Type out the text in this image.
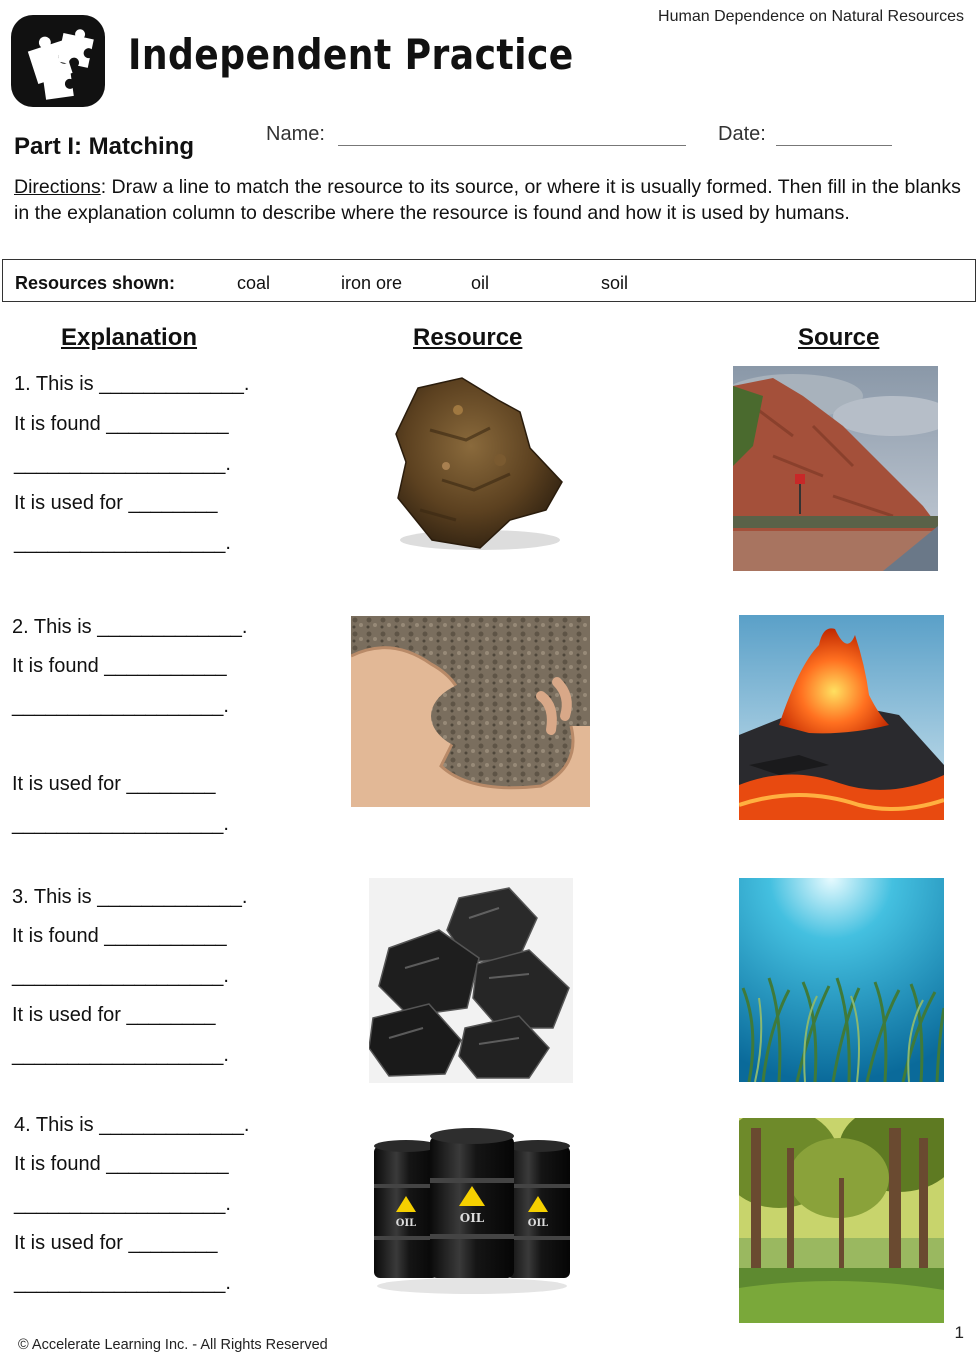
Human Dependence on Natural Resources
Independent Practice
Part I: Matching	Name:	Date:
Directions: Draw a line to match the resource to its source, or where it is usually formed. Then fill in the blanks in the explanation column to describe where the resource is found and how it is used by humans.
Resources shown:	coal	iron ore	oil	soil
Explanation	Resource	Source
1. This is _____________.
It is found ___________
___________________.
It is used for ________
___________________.
2. This is _____________.
It is found ___________
___________________.
It is used for ________
___________________.
3. This is _____________.
It is found ___________
___________________.
It is used for ________
___________________.
4. This is _____________.
It is found ___________
___________________.
It is used for ________
___________________.
OIL	OIL
OIL
© Accelerate Learning Inc. - All Rights Reserved
1
